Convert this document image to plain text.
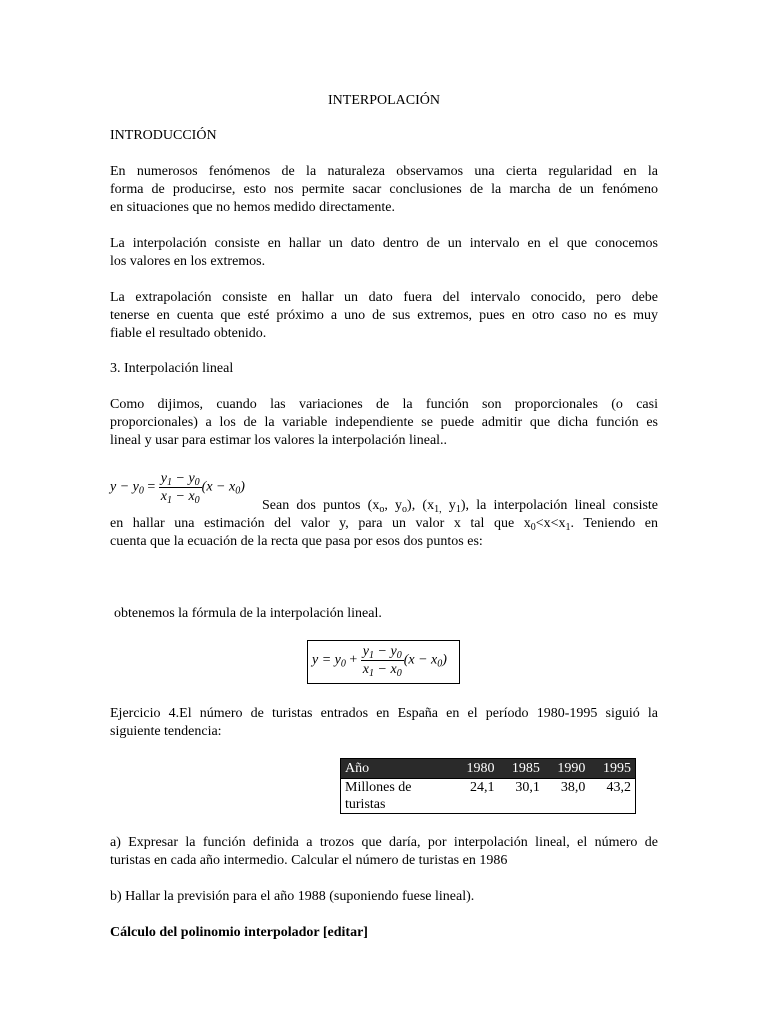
INTERPOLACIÓN
INTRODUCCIÓN
En numerosos fenómenos de la naturaleza observamos una cierta regularidad en la
forma de producirse, esto nos permite sacar conclusiones de la marcha de un fenómeno
en situaciones que no hemos medido directamente.
La interpolación consiste en hallar un dato dentro de un intervalo en el que conocemos
los valores en los extremos.
La extrapolación consiste en hallar un dato fuera del intervalo conocido, pero debe
tenerse en cuenta que esté próximo a uno de sus extremos, pues en otro caso no es muy
fiable el resultado obtenido.
3. Interpolación lineal
Como dijimos, cuando las variaciones de la función son proporcionales (o casi
proporcionales) a los de la variable independiente se puede admitir que dicha función es
lineal y usar para estimar los valores la interpolación lineal..
$y - y_0 = \frac{y_1 - y_0}{x_1 - x_0} (x - x_0)$
Sean dos puntos ($x_o$, $y_o$), ($x_{1,}$ $y_1$), la interpolación lineal consiste
en hallar una estimación del valor y, para un valor x tal que $x_0<x<x_1$. Teniendo en
cuenta que la ecuación de la recta que pasa por esos dos puntos es:
obtenemos la fórmula de la interpolación lineal.
$y = y_0 + \frac{y_1 - y_0}{x_1 - x_0} (x - x_0)$
Ejercicio 4.El número de turistas entrados en España en el período 1980-1995 siguió la
siguiente tendencia:
Año	1980	1985	1990	1995
Millones de
turistas	24,1	30,1	38,0	43,2
a) Expresar la función definida a trozos que daría, por interpolación lineal, el número de
turistas en cada año intermedio. Calcular el número de turistas en 1986
b) Hallar la previsión para el año 1988 (suponiendo fuese lineal).
Cálculo del polinomio interpolador [editar]
